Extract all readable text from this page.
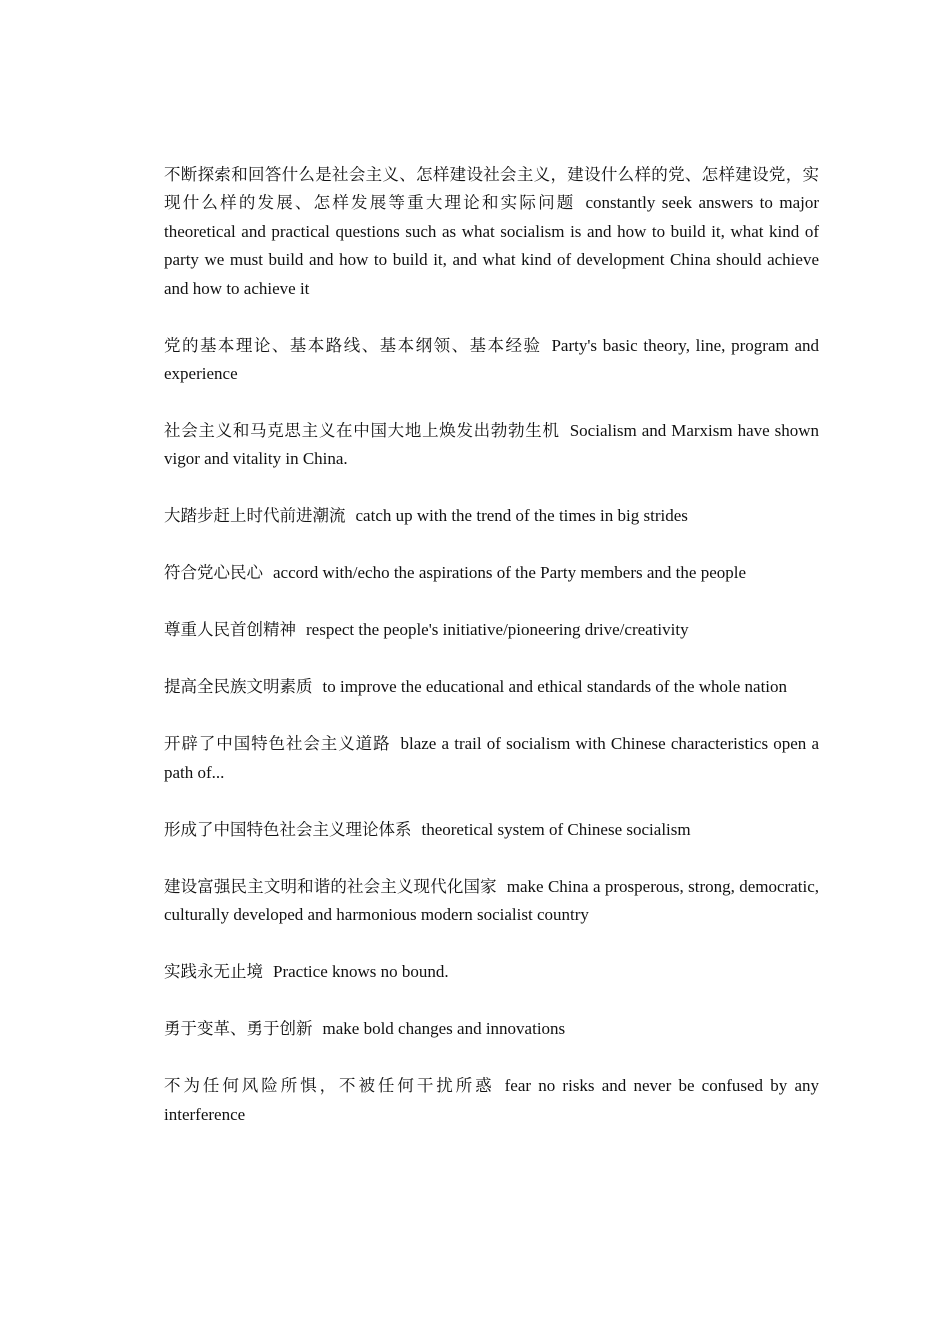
不断探索和回答什么是社会主义、怎样建设社会主义，建设什么样的党、怎样建设党，实现什么样的发展、怎样发展等重大理论和实际问题 constantly seek answers to major theoretical and practical questions such as what socialism is and how to build it, what kind of party we must build and how to build it, and what kind of development China should achieve and how to achieve it

党的基本理论、基本路线、基本纲领、基本经验 Party's basic theory, line, program and experience

社会主义和马克思主义在中国大地上焕发出勃勃生机 Socialism and Marxism have shown vigor and vitality in China.

大踏步赶上时代前进潮流 catch up with the trend of the times in big strides

符合党心民心 accord with/echo the aspirations of the Party members and the people

尊重人民首创精神 respect the people's initiative/pioneering drive/creativity

提高全民族文明素质 to improve the educational and ethical standards of the whole nation

开辟了中国特色社会主义道路 blaze a trail of socialism with Chinese characteristics open a path of...

形成了中国特色社会主义理论体系 theoretical system of Chinese socialism

建设富强民主文明和谐的社会主义现代化国家 make China a prosperous, strong, democratic, culturally developed and harmonious modern socialist country

实践永无止境 Practice knows no bound.

勇于变革、勇于创新 make bold changes and innovations

不为任何风险所惧，不被任何干扰所惑 fear no risks and never be confused by any interference
